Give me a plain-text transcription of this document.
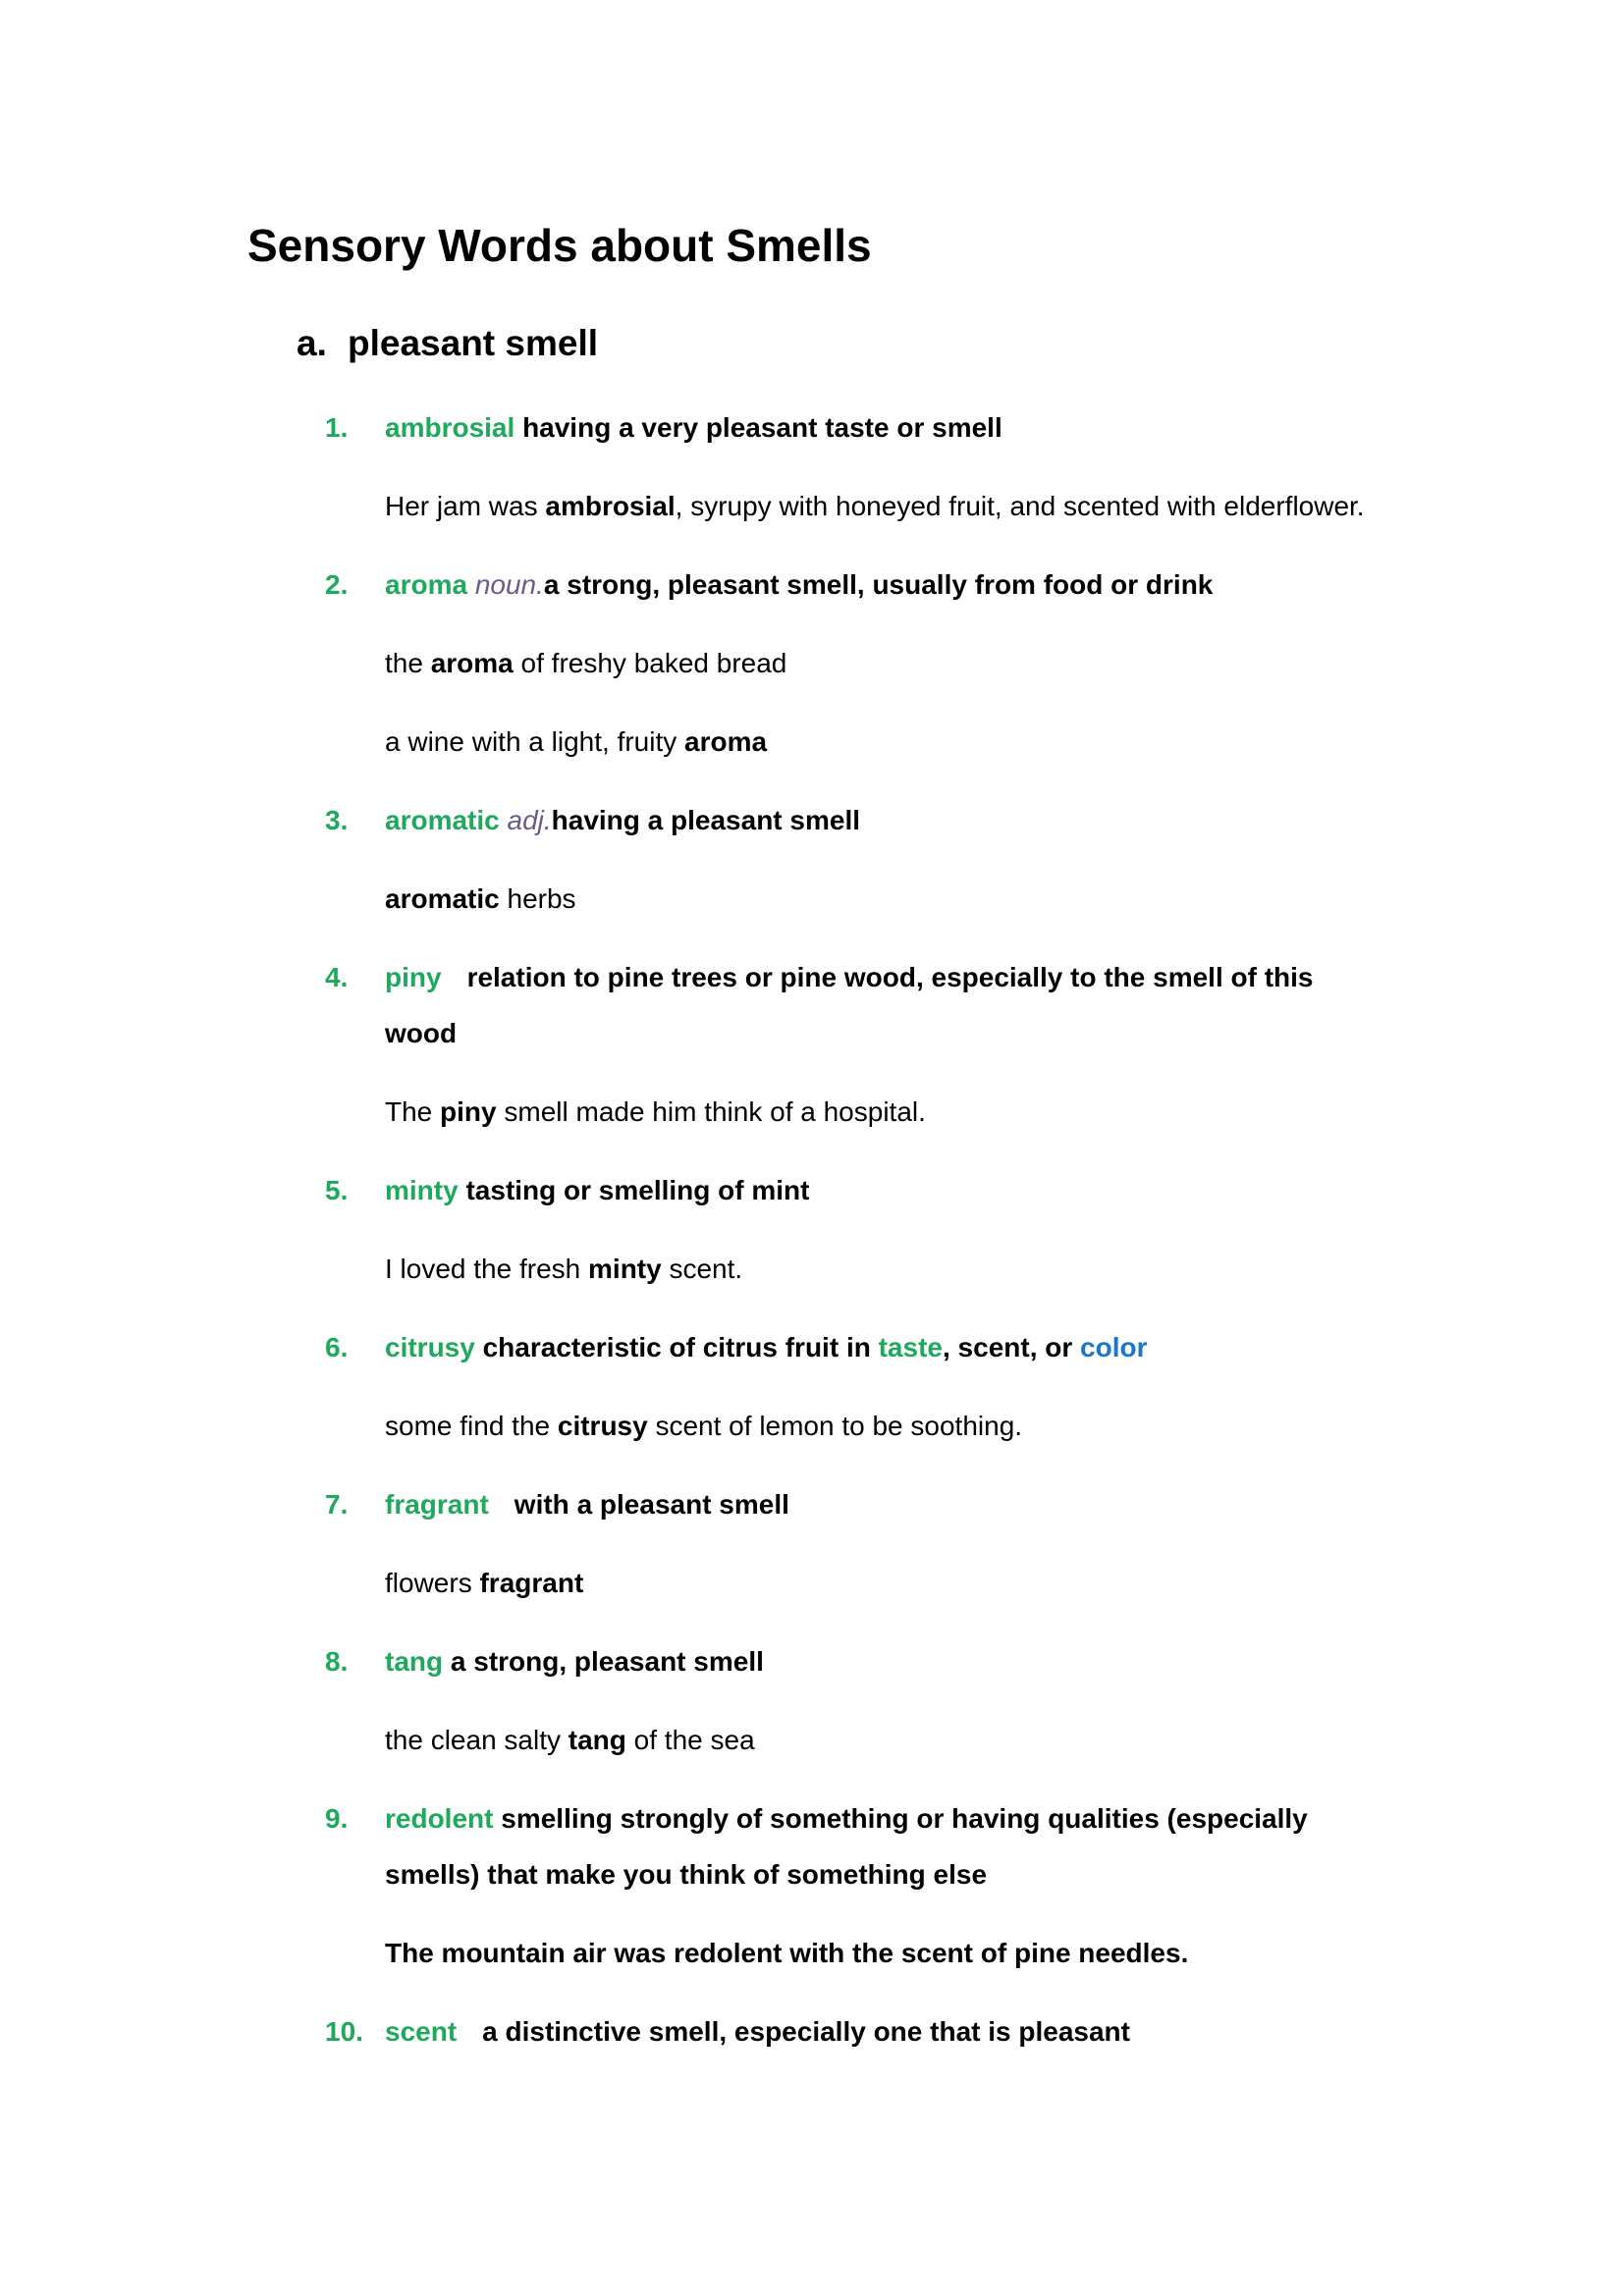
Sensory Words about Smells
a. pleasant smell
1.	ambrosial having a very pleasant taste or smell
Her jam was ambrosial, syrupy with honeyed fruit, and scented with elderflower.
2.	aroma noun.a strong, pleasant smell, usually from food or drink
the aroma of freshy baked bread
a wine with a light, fruity aroma
3.	aromatic adj.having a pleasant smell
aromatic herbs
4.	piny relation to pine trees or pine wood, especially to the smell of this
wood
The piny smell made him think of a hospital.
5.	minty tasting or smelling of mint
I loved the fresh minty scent.
6.	citrusy characteristic of citrus fruit in taste, scent, or color
some find the citrusy scent of lemon to be soothing.
7.	fragrant with a pleasant smell
flowers fragrant
8.	tang a strong, pleasant smell
the clean salty tang of the sea
9.	redolent smelling strongly of something or having qualities (especially
smells) that make you think of something else
The mountain air was redolent with the scent of pine needles.
10. scent a distinctive smell, especially one that is pleasant
